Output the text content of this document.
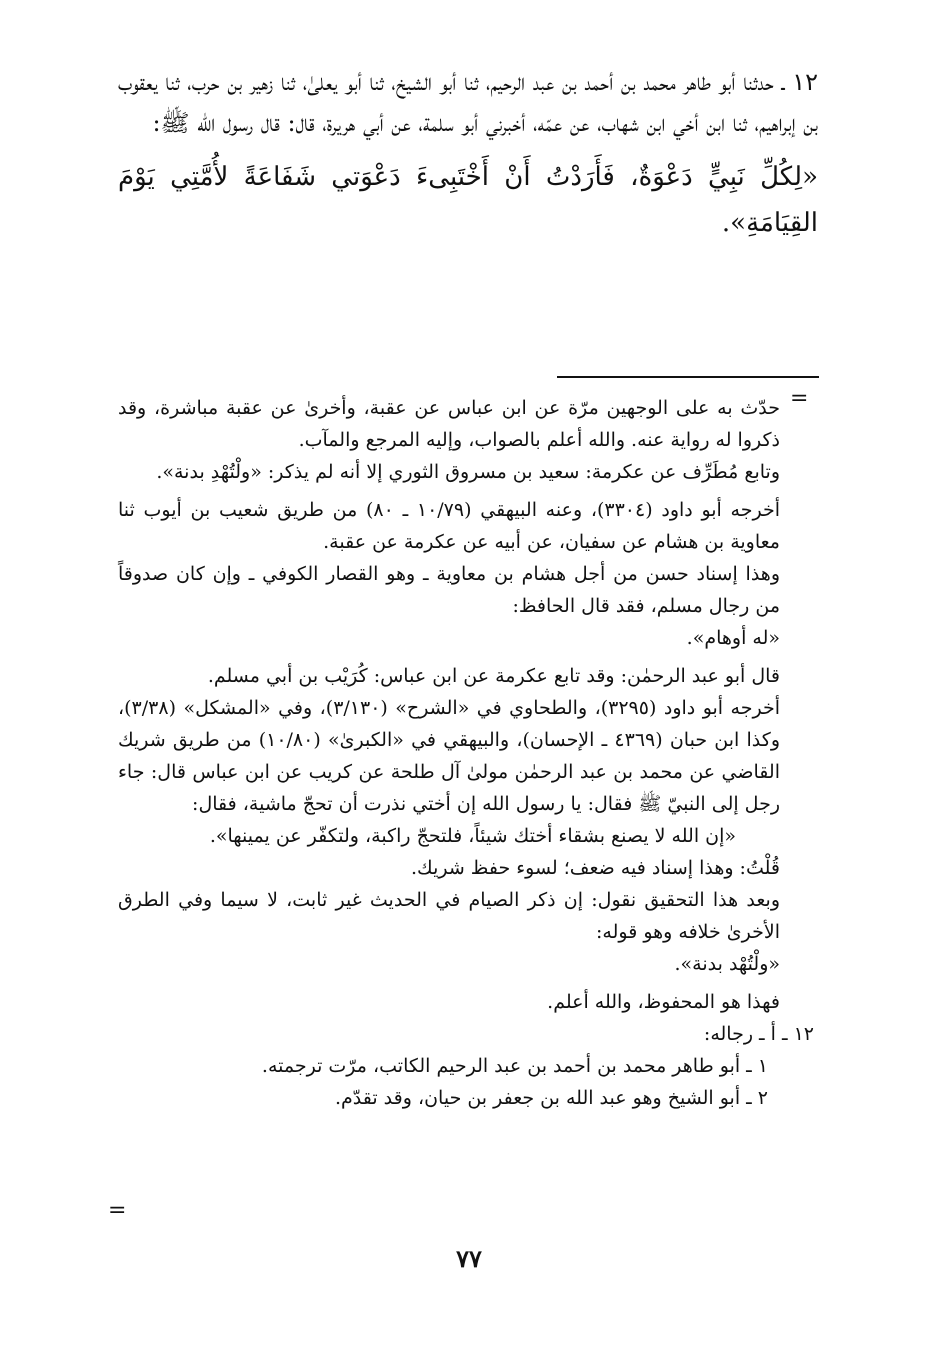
١٢ ـ حدثنا أبو طاهر محمد بن أحمد بن عبد الرحيم، ثنا أبو الشيخ، ثنا أبو يعلىٰ، ثنا زهير بن حرب، ثنا يعقوب بن إبراهيم، ثنا ابن أخي ابن شهاب، عن عمّه، أخبرني أبو سلمة، عن أبي هريرة، قال: قال رسول الله ﷺ:

«لِكُلِّ نَبِيٍّ دَعْوَةٌ، فَأَرَدْتُ أَنْ أَخْتَبِىءَ دَعْوَتي شَفَاعَةً لأُمَّتِي يَوْمَ القِيَامَةِ».

=

حدّث به على الوجهين مرّة عن ابن عباس عن عقبة، وأخرىٰ عن عقبة مباشرة، وقد ذكروا له رواية عنه. والله أعلم بالصواب، وإليه المرجع والمآب.

وتابع مُطَرِّف عن عكرمة: سعيد بن مسروق الثوري إلا أنه لم يذكر: «ولْتُهْدِ بدنة».

أخرجه أبو داود (٣٣٠٤)، وعنه البيهقي (١٠/٧٩ ـ ٨٠) من طريق شعيب بن أيوب ثنا معاوية بن هشام عن سفيان، عن أبيه عن عكرمة عن عقبة.

وهذا إسناد حسن من أجل هشام بن معاوية ـ وهو القصار الكوفي ـ وإن كان صدوقاً من رجال مسلم، فقد قال الحافظ:

«له أوهام».

قال أبو عبد الرحمٰن: وقد تابع عكرمة عن ابن عباس: كُرَيْب بن أبي مسلم.

أخرجه أبو داود (٣٢٩٥)، والطحاوي في «الشرح» (٣/١٣٠)، وفي «المشكل» (٣/٣٨)، وكذا ابن حبان (٤٣٦٩ ـ الإحسان)، والبيهقي في «الكبرىٰ» (١٠/٨٠) من طريق شريك القاضي عن محمد بن عبد الرحمٰن مولىٰ آل طلحة عن كريب عن ابن عباس قال: جاء رجل إلى النبيّ ﷺ فقال: يا رسول الله إن أختي نذرت أن تحجّ ماشية، فقال:

«إن الله لا يصنع بشقاء أختك شيئاً، فلتحجّ راكبة، ولتكفّر عن يمينها».

قُلْتُ: وهذا إسناد فيه ضعف؛ لسوء حفظ شريك.

وبعد هذا التحقيق نقول: إن ذكر الصيام في الحديث غير ثابت، لا سيما وفي الطرق الأخرىٰ خلافه وهو قوله:

«ولْتُهْد بدنة».

فهذا هو المحفوظ، والله أعلم.

١٢ ـ أ ـ رجاله:

١ ـ أبو طاهر محمد بن أحمد بن عبد الرحيم الكاتب، مرّت ترجمته.

٢ ـ أبو الشيخ وهو عبد الله بن جعفر بن حيان، وقد تقدّم.

=
٧٧
